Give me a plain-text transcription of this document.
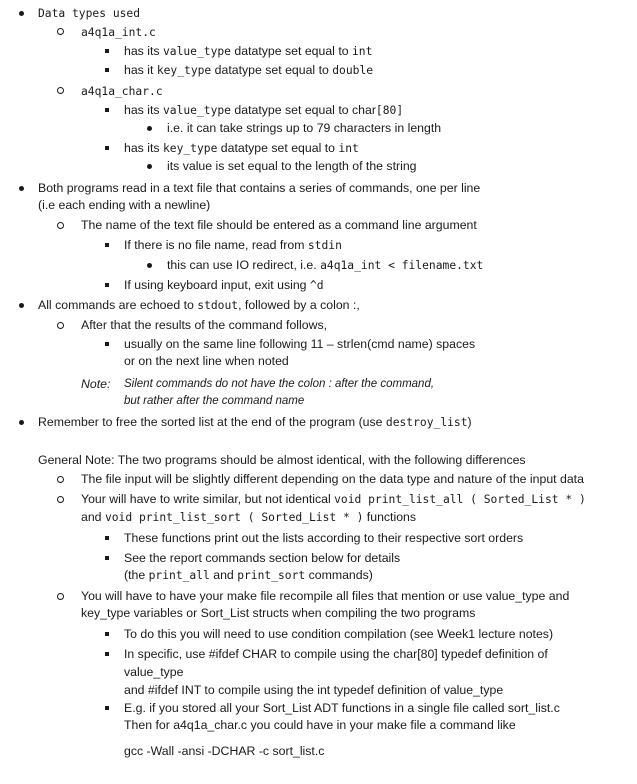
Data types used
a4q1a_int.c
has its value_type datatype set equal to int
has it key_type datatype set equal to double
a4q1a_char.c
has its value_type datatype set equal to char[80]
i.e. it can take strings up to 79 characters in length
has its key_type datatype set equal to int
its value is set equal to the length of the string
Both programs read in a text file that contains a series of commands, one per line
(i.e each ending with a newline)
The name of the text file should be entered as a command line argument
If there is no file name, read from stdin
this can use IO redirect, i.e. a4q1a_int < filename.txt
If using keyboard input, exit using ^d
All commands are echoed to stdout, followed by a colon :,
After that the results of the command follows,
usually on the same line following 11 – strlen(cmd name) spaces
or on the next line when noted
Note: Silent commands do not have the colon : after the command,
but rather after the command name
Remember to free the sorted list at the end of the program (use destroy_list)
General Note: The two programs should be almost identical, with the following differences
The file input will be slightly different depending on the data type and nature of the input data
Your will have to write similar, but not identical void print_list_all ( Sorted_List * )
and void print_list_sort ( Sorted_List * ) functions
These functions print out the lists according to their respective sort orders
See the report commands section below for details
(the print_all and print_sort commands)
You will have to have your make file recompile all files that mention or use value_type and
key_type variables or Sort_List structs when compiling the two programs
To do this you will need to use condition compilation (see Week1 lecture notes)
In specific, use #ifdef CHAR to compile using the char[80] typedef definition of
value_type
and #ifdef INT to compile using the int typedef definition of value_type
E.g. if you stored all your Sort_List ADT functions in a single file called sort_list.c
Then for a4q1a_char.c you could have in your make file a command like
gcc -Wall -ansi -DCHAR -c sort_list.c
